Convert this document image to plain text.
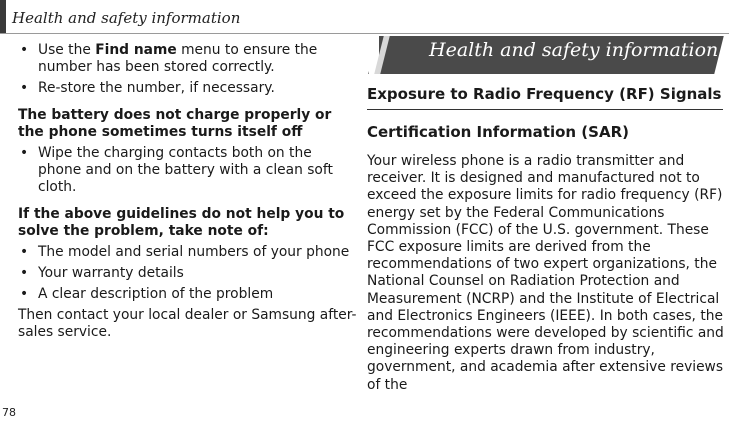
Health and safety information
• Use the Find name menu to ensure the number has been stored correctly.
• Re-store the number, if necessary.

The battery does not charge properly or the phone sometimes turns itself off

• Wipe the charging contacts both on the phone and on the battery with a clean soft cloth.

If the above guidelines do not help you to solve the problem, take note of:

• The model and serial numbers of your phone
• Your warranty details
• A clear description of the problem

Then contact your local dealer or Samsung after-sales service.

Health and safety information

Exposure to Radio Frequency (RF) Signals

Certification Information (SAR)

Your wireless phone is a radio transmitter and receiver. It is designed and manufactured not to exceed the exposure limits for radio frequency (RF) energy set by the Federal Communications Commission (FCC) of the U.S. government. These FCC exposure limits are derived from the recommendations of two expert organizations, the National Counsel on Radiation Protection and Measurement (NCRP) and the Institute of Electrical and Electronics Engineers (IEEE). In both cases, the recommendations were developed by scientific and engineering experts drawn from industry, government, and academia after extensive reviews of the

78
